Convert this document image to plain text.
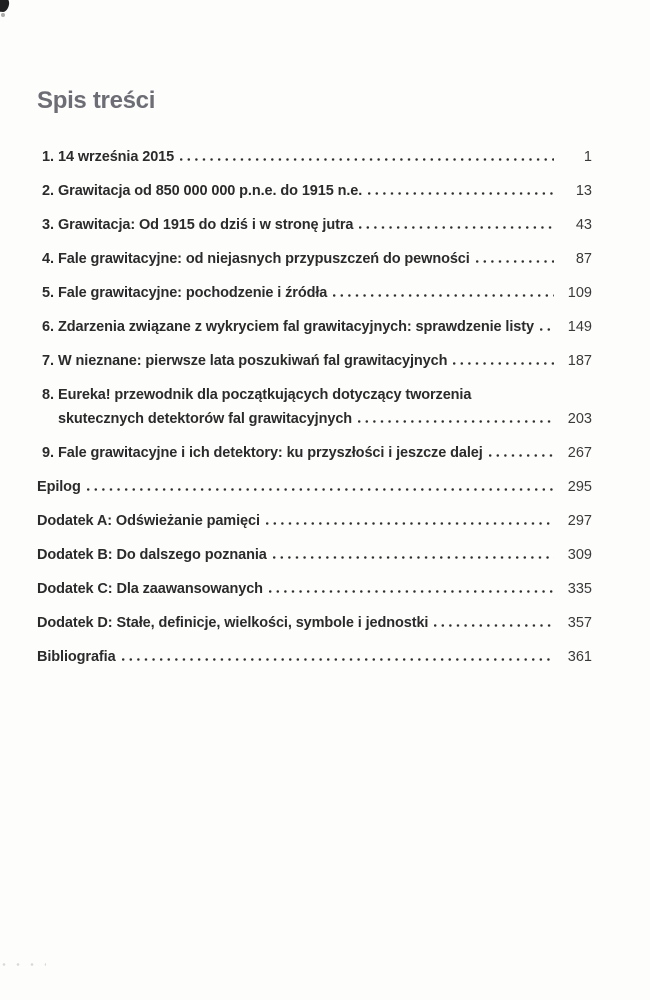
Spis treści
1. 14 września 2015	1
2. Grawitacja od 850 000 000 p.n.e. do 1915 n.e.	13
3. Grawitacja: Od 1915 do dziś i w stronę jutra	43
4. Fale grawitacyjne: od niejasnych przypuszczeń do pewności	87
5. Fale grawitacyjne: pochodzenie i źródła	109
6. Zdarzenia związane z wykryciem fal grawitacyjnych: sprawdzenie listy	149
7. W nieznane: pierwsze lata poszukiwań fal grawitacyjnych	187
8. Eureka! przewodnik dla początkujących dotyczący tworzenia
skutecznych detektorów fal grawitacyjnych	203
9. Fale grawitacyjne i ich detektory: ku przyszłości i jeszcze dalej	267
Epilog	295
Dodatek A: Odświeżanie pamięci	297
Dodatek B: Do dalszego poznania	309
Dodatek C: Dla zaawansowanych	335
Dodatek D: Stałe, definicje, wielkości, symbole i jednostki	357
Bibliografia	361
